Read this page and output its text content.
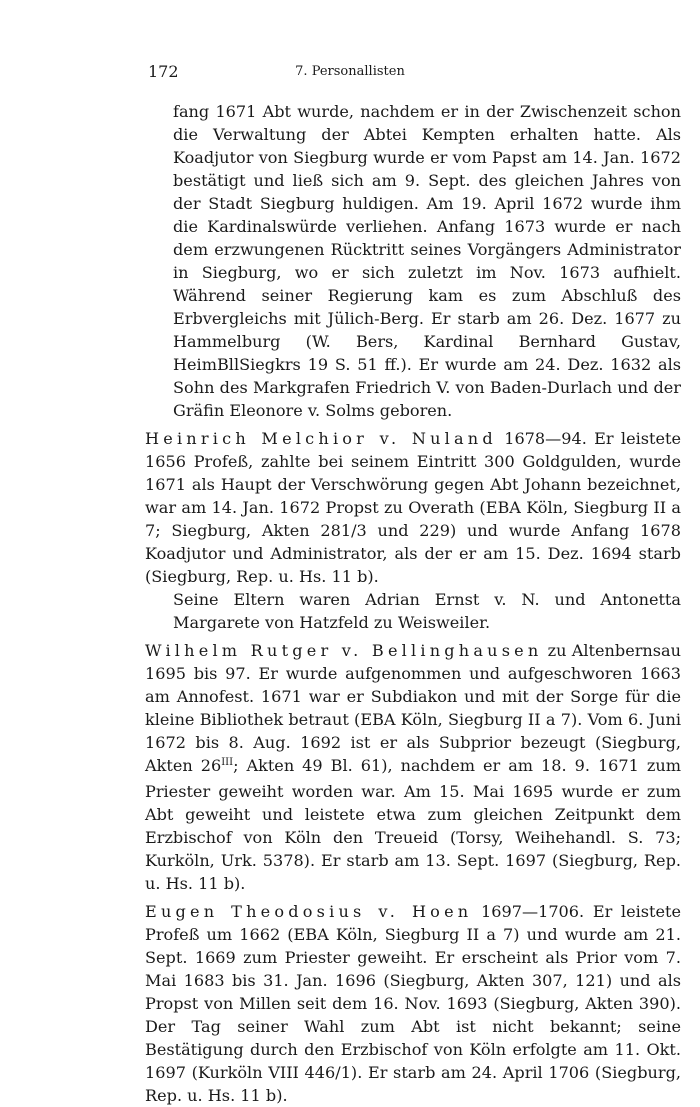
172	7. Personallisten

fang 1671 Abt wurde, nachdem er in der Zwischenzeit schon die Verwaltung der Abtei Kempten erhalten hatte. Als Koadjutor von Siegburg wurde er vom Papst am 14. Jan. 1672 bestätigt und ließ sich am 9. Sept. des gleichen Jahres von der Stadt Siegburg huldigen. Am 19. April 1672 wurde ihm die Kardinalswürde verliehen. Anfang 1673 wurde er nach dem erzwungenen Rücktritt seines Vorgängers Administrator in Siegburg, wo er sich zuletzt im Nov. 1673 aufhielt. Während seiner Regierung kam es zum Abschluß des Erbvergleichs mit Jülich-Berg. Er starb am 26. Dez. 1677 zu Hammelburg (W. Bers, Kardinal Bernhard Gustav, HeimBllSiegkrs 19 S. 51 ff.). Er wurde am 24. Dez. 1632 als Sohn des Markgrafen Friedrich V. von Baden-Durlach und der Gräfin Eleonore v. Solms geboren.

Heinrich Melchior v. Nuland 1678—94. Er leistete 1656 Profeß, zahlte bei seinem Eintritt 300 Goldgulden, wurde 1671 als Haupt der Verschwörung gegen Abt Johann bezeichnet, war am 14. Jan. 1672 Propst zu Overath (EBA Köln, Siegburg II a 7; Siegburg, Akten 281/3 und 229) und wurde Anfang 1678 Koadjutor und Administrator, als der er am 15. Dez. 1694 starb (Siegburg, Rep. u. Hs. 11 b).

Seine Eltern waren Adrian Ernst v. N. und Antonetta Margarete von Hatzfeld zu Weisweiler.

Wilhelm Rutger v. Bellinghausen zu Altenbernsau 1695 bis 97. Er wurde aufgenommen und aufgeschworen 1663 am Annofest. 1671 war er Subdiakon und mit der Sorge für die kleine Bibliothek betraut (EBA Köln, Siegburg II a 7). Vom 6. Juni 1672 bis 8. Aug. 1692 ist er als Subprior bezeugt (Siegburg, Akten $26^{III}$; Akten 49 Bl. 61), nachdem er am 18. 9. 1671 zum Priester geweiht worden war. Am 15. Mai 1695 wurde er zum Abt geweiht und leistete etwa zum gleichen Zeitpunkt dem Erzbischof von Köln den Treueid (Torsy, Weihehandl. S. 73; Kurköln, Urk. 5378). Er starb am 13. Sept. 1697 (Siegburg, Rep. u. Hs. 11 b).

Eugen Theodosius v. Hoen 1697—1706. Er leistete Profeß um 1662 (EBA Köln, Siegburg II a 7) und wurde am 21. Sept. 1669 zum Priester geweiht. Er erscheint als Prior vom 7. Mai 1683 bis 31. Jan. 1696 (Siegburg, Akten 307, 121) und als Propst von Millen seit dem 16. Nov. 1693 (Siegburg, Akten 390). Der Tag seiner Wahl zum Abt ist nicht bekannt; seine Bestätigung durch den Erzbischof von Köln erfolgte am 11. Okt. 1697 (Kurköln VIII 446/1). Er starb am 24. April 1706 (Siegburg, Rep. u. Hs. 11 b).
